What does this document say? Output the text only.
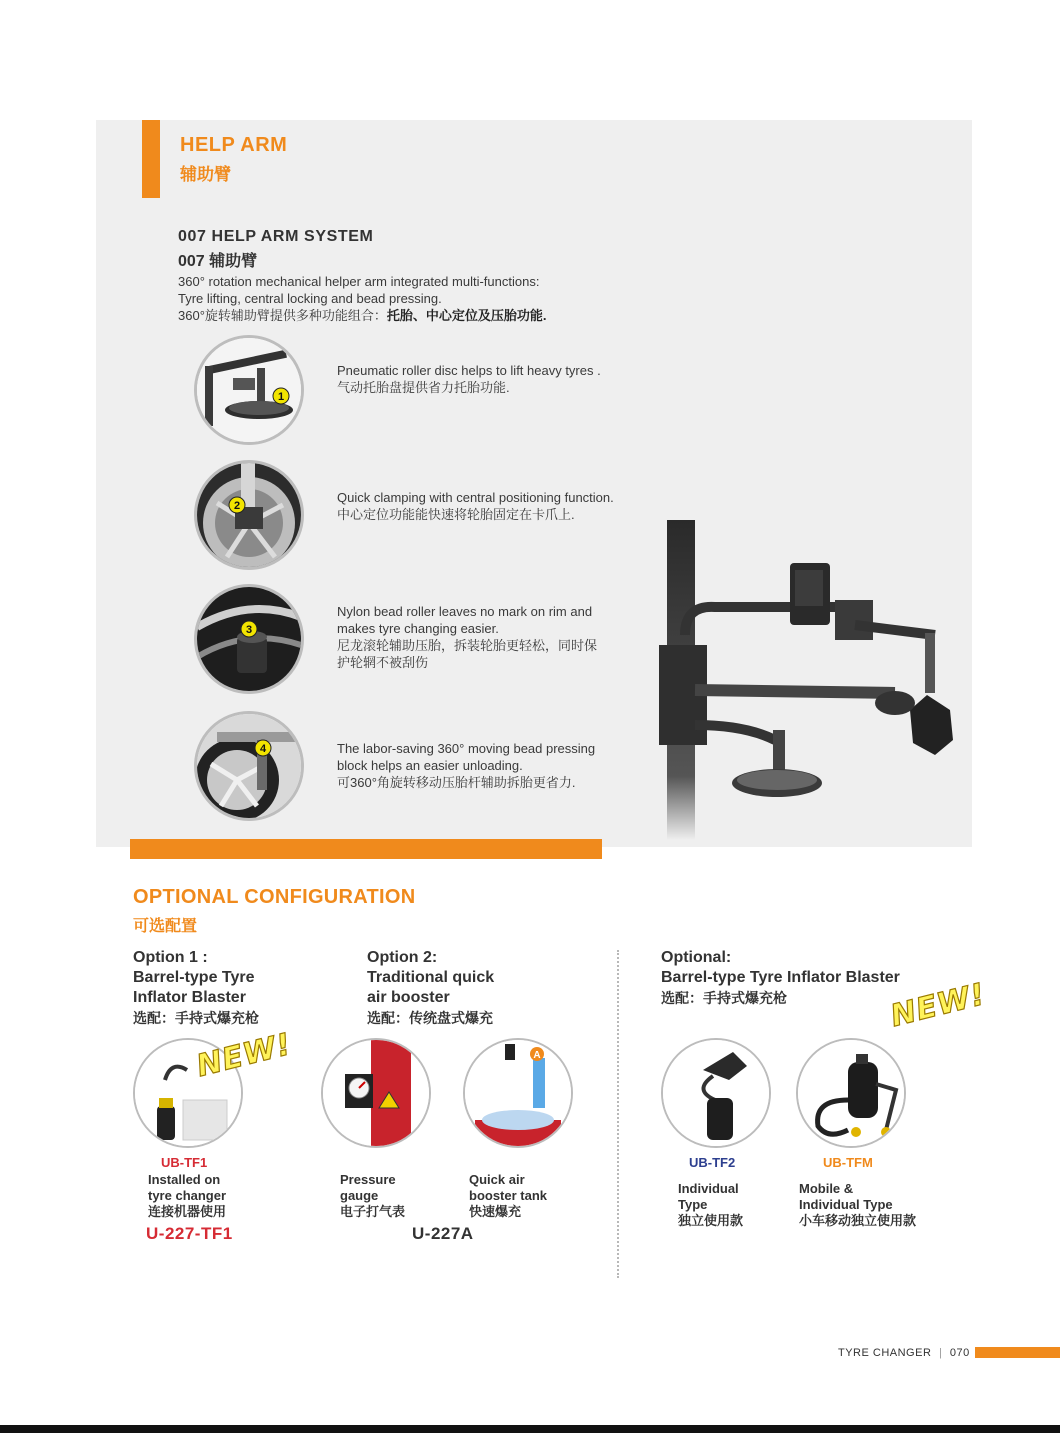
HELP ARM
辅助臂
007 HELP ARM SYSTEM
007 辅助臂
360° rotation mechanical helper arm integrated multi-functions:
Tyre lifting, central locking and bead pressing.
360°旋转辅助臂提供多种功能组合：托胎、中心定位及压胎功能.
1
Pneumatic roller disc helps to lift heavy tyres .
气动托胎盘提供省力托胎功能.
2
Quick clamping with central positioning function.
中心定位功能能快速将轮胎固定在卡爪上.
3
Nylon bead roller leaves no mark on rim and makes tyre changing easier.
尼龙滚轮辅助压胎，拆装轮胎更轻松，同时保护轮辋不被刮伤
4	The labor-saving 360° moving bead pressing block helps an easier unloading.
可360°角旋转移动压胎杆辅助拆胎更省力.
OPTIONAL CONFIGURATION
可选配置
Option 1 :
Barrel-type Tyre
Inflator Blaster
选配：手持式爆充枪
NEW!
UB-TF1
Installed on
tyre changer
连接机器使用
U-227-TF1
Option 2:
Traditional quick
air booster
选配：传统盘式爆充
A
Pressure
gauge
电子打气表
Quick air
booster tank
快速爆充
U-227A
Optional:
Barrel-type Tyre Inflator Blaster
选配：手持式爆充枪	NEW!
UB-TF2	UB-TFM
Individual
Type
独立使用款
Mobile &
Individual Type
小车移动独立使用款
TYRE CHANGER | 070
